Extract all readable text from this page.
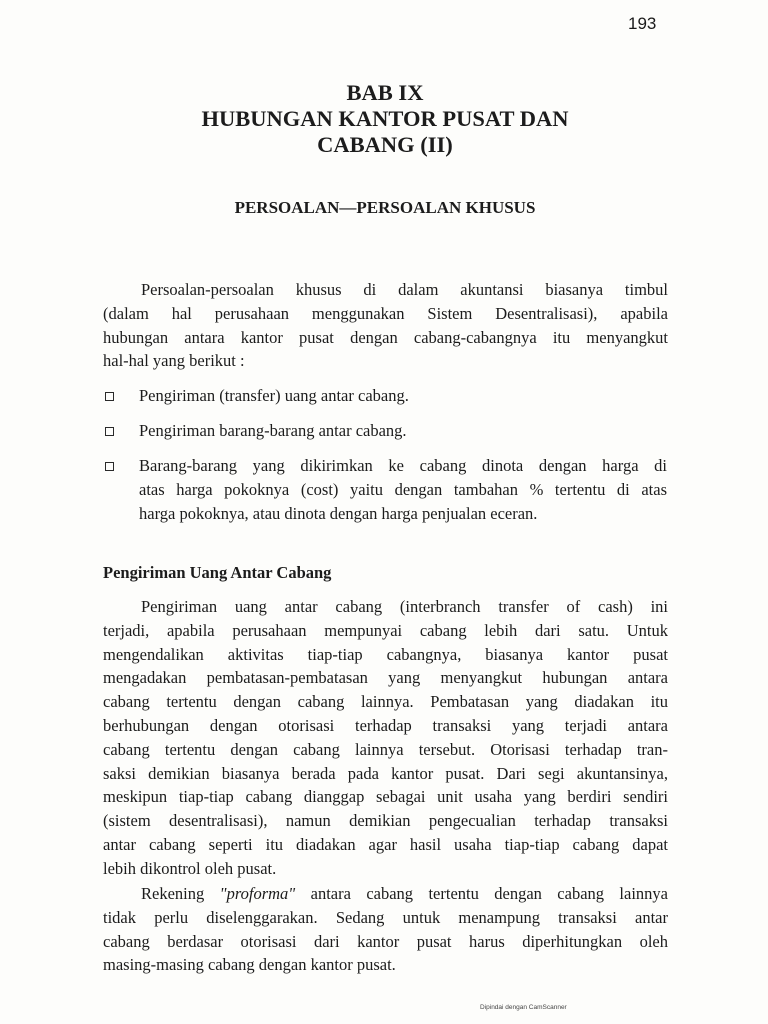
193
BAB IX
HUBUNGAN KANTOR PUSAT DAN
CABANG (II)
PERSOALAN—PERSOALAN KHUSUS
Persoalan-persoalan khusus di dalam akuntansi biasanya timbul
(dalam hal perusahaan menggunakan Sistem Desentralisasi), apabila
hubungan antara kantor pusat dengan cabang-cabangnya itu menyangkut
hal-hal yang berikut :
Pengiriman (transfer) uang antar cabang.
Pengiriman barang-barang antar cabang.
Barang-barang yang dikirimkan ke cabang dinota dengan harga di
atas harga pokoknya (cost) yaitu dengan tambahan % tertentu di atas
harga pokoknya, atau dinota dengan harga penjualan eceran.
Pengiriman Uang Antar Cabang
Pengiriman uang antar cabang (interbranch transfer of cash) ini
terjadi, apabila perusahaan mempunyai cabang lebih dari satu. Untuk
mengendalikan aktivitas tiap-tiap cabangnya, biasanya kantor pusat
mengadakan pembatasan-pembatasan yang menyangkut hubungan antara
cabang tertentu dengan cabang lainnya. Pembatasan yang diadakan itu
berhubungan dengan otorisasi terhadap transaksi yang terjadi antara
cabang tertentu dengan cabang lainnya tersebut. Otorisasi terhadap tran-
saksi demikian biasanya berada pada kantor pusat. Dari segi akuntansinya,
meskipun tiap-tiap cabang dianggap sebagai unit usaha yang berdiri sendiri
(sistem desentralisasi), namun demikian pengecualian terhadap transaksi
antar cabang seperti itu diadakan agar hasil usaha tiap-tiap cabang dapat
lebih dikontrol oleh pusat.
Rekening "proforma" antara cabang tertentu dengan cabang lainnya
tidak perlu diselenggarakan. Sedang untuk menampung transaksi antar
cabang berdasar otorisasi dari kantor pusat harus diperhitungkan oleh
masing-masing cabang dengan kantor pusat.
Dipindai dengan CamScanner
